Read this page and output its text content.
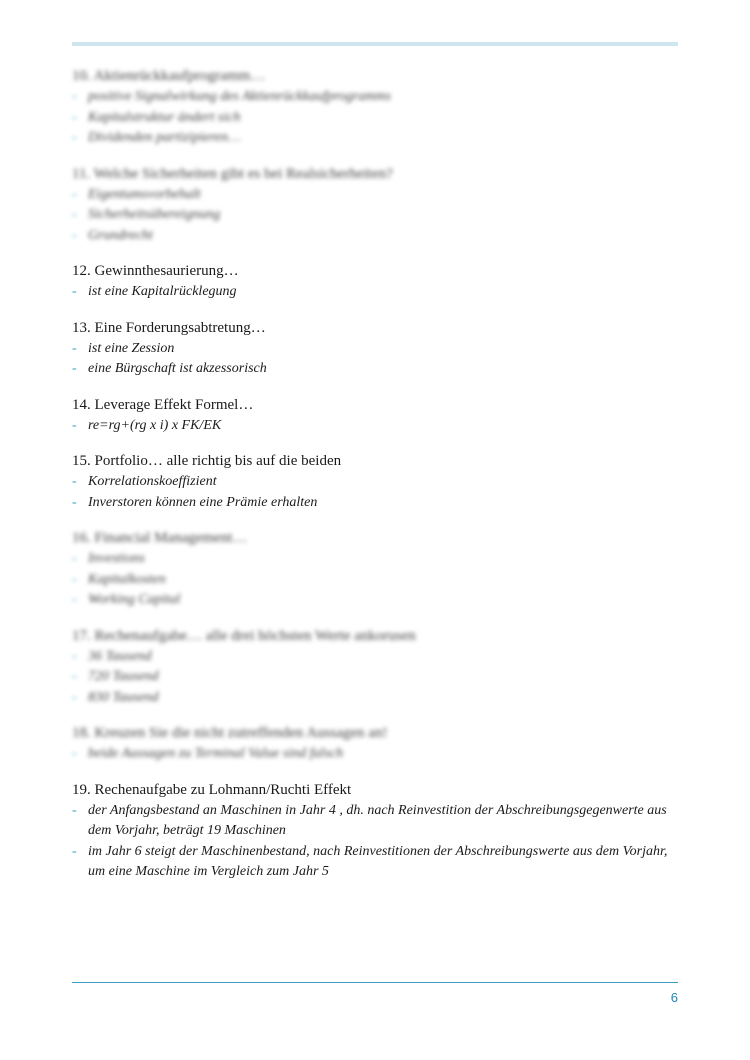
10. Aktienrückkaufprogramm…

- positive Signalwirkung des Aktienrückkaufprogramms
- Kapitalstruktur ändert sich
- Dividenden partizipieren…

11. Welche Sicherheiten gibt es bei Realsicherheiten?

- Eigentumsvorbehalt
- Sicherheitsübereignung
- Grundrecht

12. Gewinnthesaurierung…

- ist eine Kapitalrücklegung

13. Eine Forderungsabtretung…

- ist eine Zession
- eine Bürgschaft ist akzessorisch

14. Leverage Effekt Formel…

- re=rg+(rg x i) x FK/EK

15. Portfolio… alle richtig bis auf die beiden

- Korrelationskoeffizient
- Inverstoren können eine Prämie erhalten

16. Financial Management…

- Investions
- Kapitalkosten
- Working Capital

17. Rechenaufgabe… alle drei höchsten Werte ankorusen

- 36 Tausend
- 720 Tausend
- 830 Tausend

18. Kreuzen Sie die nicht zutreffenden Aussagen an!

- beide Aussagen zu Terminal Value sind falsch

19. Rechenaufgabe zu Lohmann/Ruchti Effekt

- der Anfangsbestand an Maschinen in Jahr 4 , dh. nach Reinvestition der Abschreibungsgegenwerte aus dem Vorjahr, beträgt 19 Maschinen
- im Jahr 6 steigt der Maschinenbestand, nach Reinvestitionen der Abschreibungswerte aus dem Vorjahr, um eine Maschine im Vergleich zum Jahr 5
6
